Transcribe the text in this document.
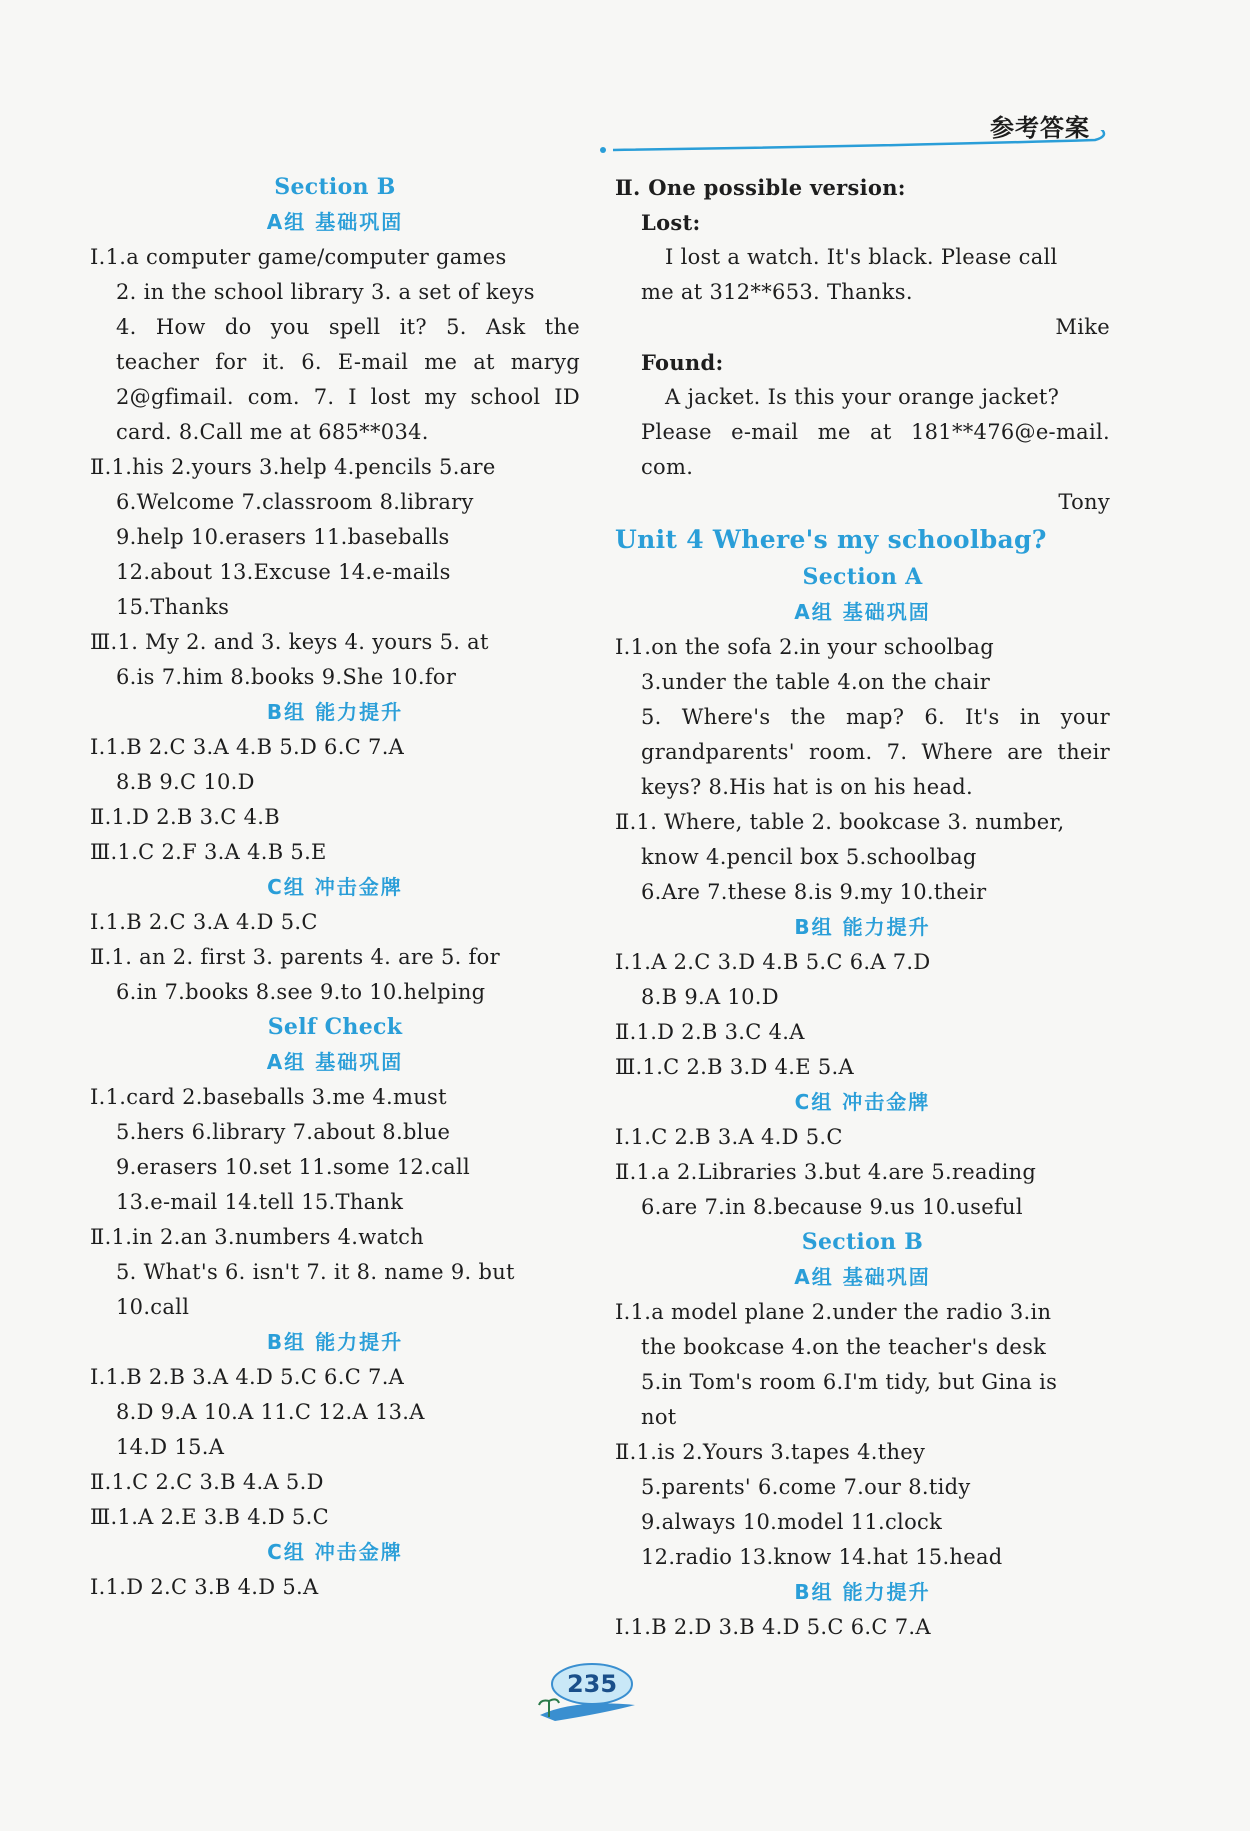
参考答案
Section B
A组 基础巩固
Ⅰ.1.a computer game/computer games
2. in the school library 3. a set of keys
4. How do you spell it? 5. Ask the
teacher for it. 6. E-mail me at maryg
2@gfimail. com. 7. I lost my school ID
card. 8.Call me at 685**034.
Ⅱ.1.his 2.yours 3.help 4.pencils 5.are
6.Welcome 7.classroom 8.library
9.help 10.erasers 11.baseballs
12.about 13.Excuse 14.e-mails
15.Thanks
Ⅲ.1. My 2. and 3. keys 4. yours 5. at
6.is 7.him 8.books 9.She 10.for
B组 能力提升
Ⅰ.1.B 2.C 3.A 4.B 5.D 6.C 7.A
8.B 9.C 10.D
Ⅱ.1.D 2.B 3.C 4.B
Ⅲ.1.C 2.F 3.A 4.B 5.E
C组 冲击金牌
Ⅰ.1.B 2.C 3.A 4.D 5.C
Ⅱ.1. an 2. first 3. parents 4. are 5. for
6.in 7.books 8.see 9.to 10.helping
Self Check
A组 基础巩固
Ⅰ.1.card 2.baseballs 3.me 4.must
5.hers 6.library 7.about 8.blue
9.erasers 10.set 11.some 12.call
13.e-mail 14.tell 15.Thank
Ⅱ.1.in 2.an 3.numbers 4.watch
5. What's 6. isn't 7. it 8. name 9. but
10.call
B组 能力提升
Ⅰ.1.B 2.B 3.A 4.D 5.C 6.C 7.A
8.D 9.A 10.A 11.C 12.A 13.A
14.D 15.A
Ⅱ.1.C 2.C 3.B 4.A 5.D
Ⅲ.1.A 2.E 3.B 4.D 5.C
C组 冲击金牌
Ⅰ.1.D 2.C 3.B 4.D 5.A
Ⅱ. One possible version:
Lost:
I lost a watch. It's black. Please call
me at 312**653. Thanks.
Mike
Found:
A jacket. Is this your orange jacket?
Please e-mail me at 181**476@e-mail.
com.
Tony
Unit 4 Where's my schoolbag?
Section A
A组 基础巩固
Ⅰ.1.on the sofa 2.in your schoolbag
3.under the table 4.on the chair
5. Where's the map? 6. It's in your
grandparents' room. 7. Where are their
keys? 8.His hat is on his head.
Ⅱ.1. Where, table 2. bookcase 3. number,
know 4.pencil box 5.schoolbag
6.Are 7.these 8.is 9.my 10.their
B组 能力提升
Ⅰ.1.A 2.C 3.D 4.B 5.C 6.A 7.D
8.B 9.A 10.D
Ⅱ.1.D 2.B 3.C 4.A
Ⅲ.1.C 2.B 3.D 4.E 5.A
C组 冲击金牌
Ⅰ.1.C 2.B 3.A 4.D 5.C
Ⅱ.1.a 2.Libraries 3.but 4.are 5.reading
6.are 7.in 8.because 9.us 10.useful
Section B
A组 基础巩固
Ⅰ.1.a model plane 2.under the radio 3.in
the bookcase 4.on the teacher's desk
5.in Tom's room 6.I'm tidy, but Gina is
not
Ⅱ.1.is 2.Yours 3.tapes 4.they
5.parents' 6.come 7.our 8.tidy
9.always 10.model 11.clock
12.radio 13.know 14.hat 15.head
B组 能力提升
Ⅰ.1.B 2.D 3.B 4.D 5.C 6.C 7.A
235
